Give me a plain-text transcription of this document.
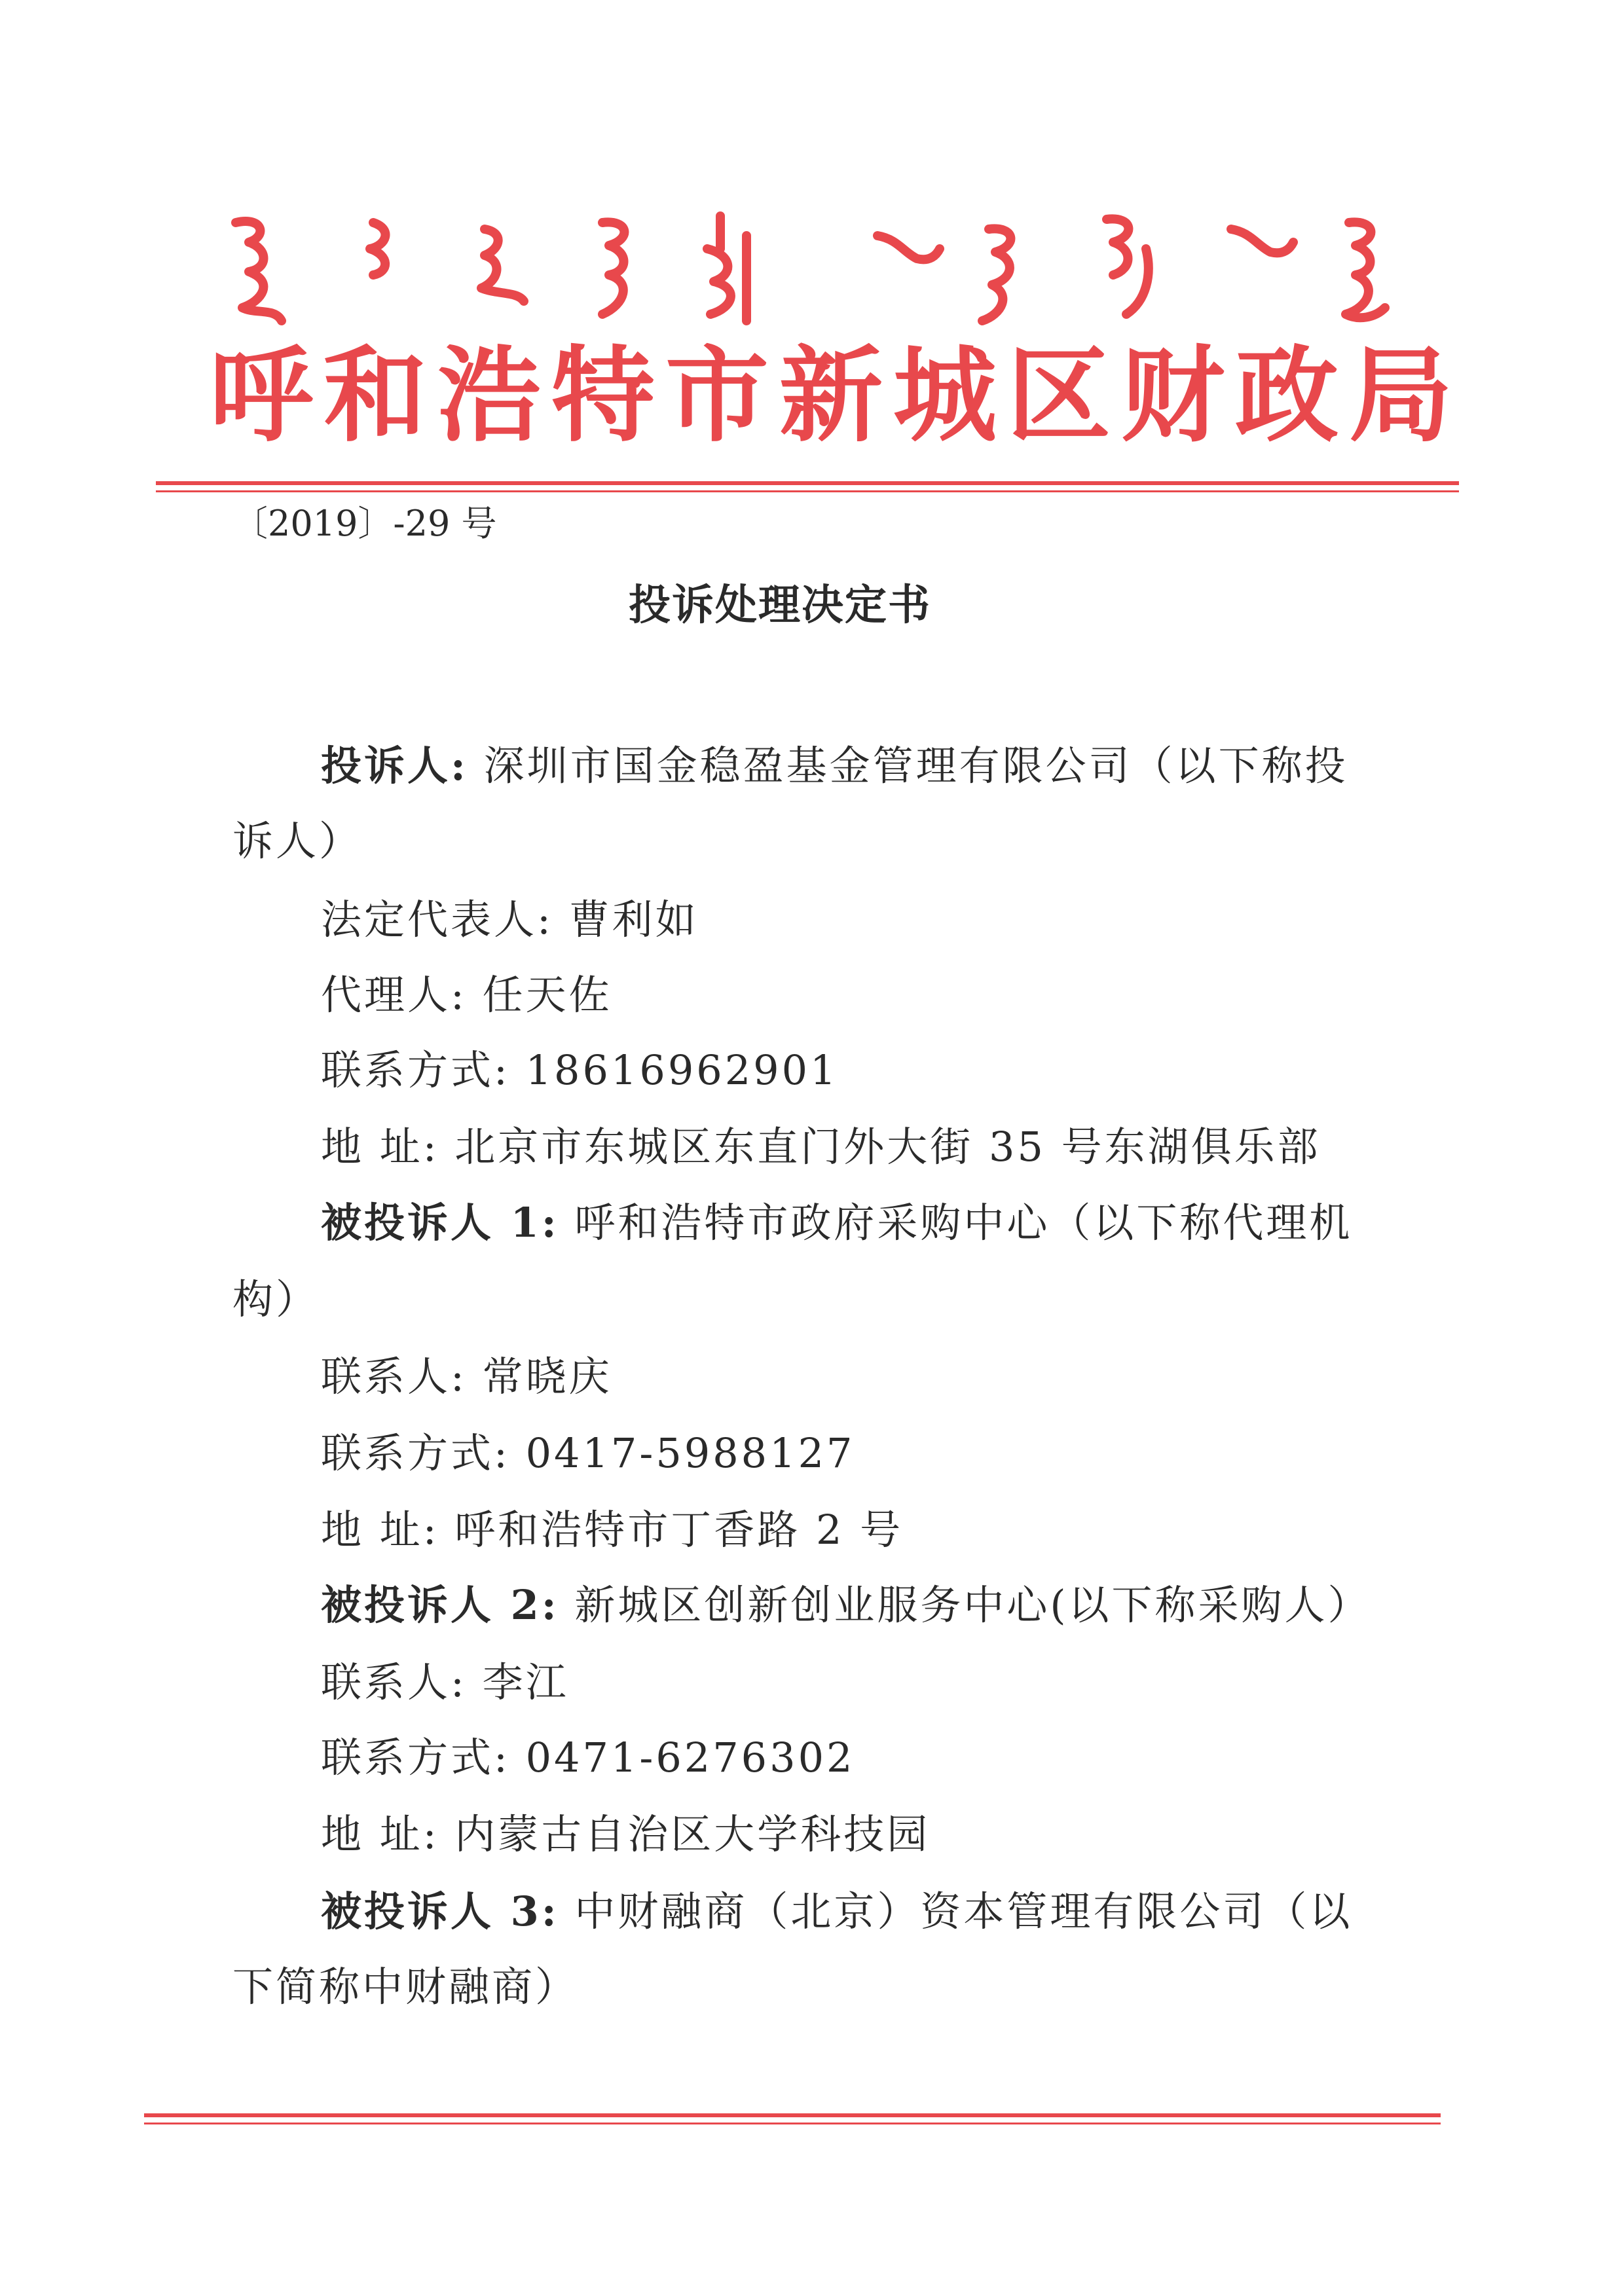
呼和浩特市新城区财政局
〔2019〕-29 号
投诉处理决定书
投诉人: 深圳市国金稳盈基金管理有限公司（以下称投
诉人）
法定代表人: 曹利如
代理人: 任天佐
联系方式: 18616962901
地 址: 北京市东城区东直门外大街 35 号东湖俱乐部
被投诉人 1: 呼和浩特市政府采购中心（以下称代理机
构）
联系人: 常晓庆
联系方式: 0417-5988127
地 址: 呼和浩特市丁香路 2 号
被投诉人 2: 新城区创新创业服务中心(以下称采购人）
联系人: 李江
联系方式: 0471-6276302
地 址: 内蒙古自治区大学科技园
被投诉人 3: 中财融商（北京）资本管理有限公司（以
下简称中财融商）
